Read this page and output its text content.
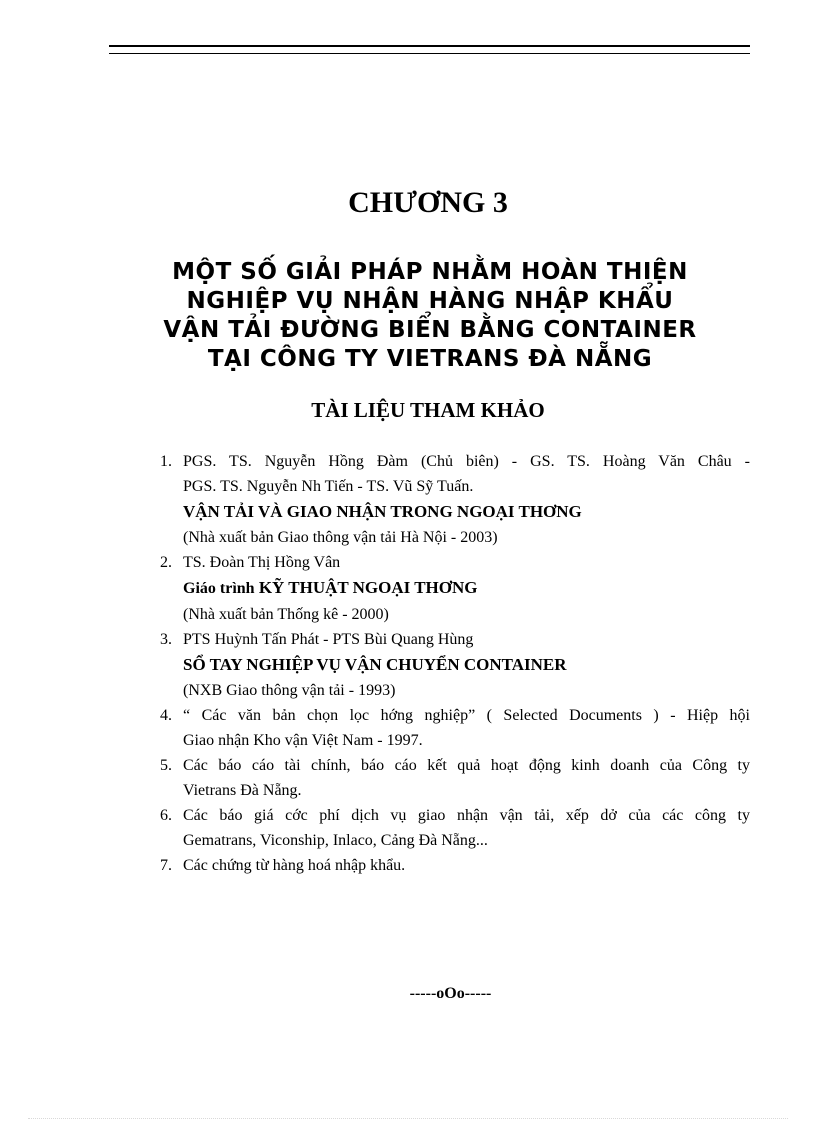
CHƯƠNG 3
MỘT SỐ GIẢI PHÁP NHẰM HOÀN THIỆN
NGHIỆP VỤ NHẬN HÀNG NHẬP KHẨU
VẬN TẢI ĐƯỜNG BIỂN BẰNG CONTAINER
TẠI CÔNG TY VIETRANS ĐÀ NẴNG
TÀI LIỆU THAM KHẢO
1. PGS. TS. Nguyễn Hồng Đàm (Chủ biên) - GS. TS. Hoàng Văn Châu -
PGS. TS. Nguyễn Nh Tiến - TS. Vũ Sỹ Tuấn.
VẬN TẢI VÀ GIAO NHẬN TRONG NGOẠI THƠNG
(Nhà xuất bản Giao thông vận tải Hà Nội - 2003)
2. TS. Đoàn Thị Hồng Vân
Giáo trình KỸ THUẬT NGOẠI THƠNG
(Nhà xuất bản Thống kê - 2000)
3. PTS Huỳnh Tấn Phát - PTS Bùi Quang Hùng
SỔ TAY NGHIỆP VỤ VẬN CHUYỂN CONTAINER
(NXB Giao thông vận tải - 1993)
4. “ Các văn bản chọn lọc hớng nghiệp” ( Selected Documents ) - Hiệp hội
Giao nhận Kho vận Việt Nam - 1997.
5. Các báo cáo tài chính, báo cáo kết quả hoạt động kinh doanh của Công ty
Vietrans Đà Nẵng.
6. Các báo giá cớc phí dịch vụ giao nhận vận tải, xếp dở của các công ty
Gematrans, Viconship, Inlaco, Cảng Đà Nẵng...
7. Các chứng từ hàng hoá nhập khẩu.
-----oOo-----
